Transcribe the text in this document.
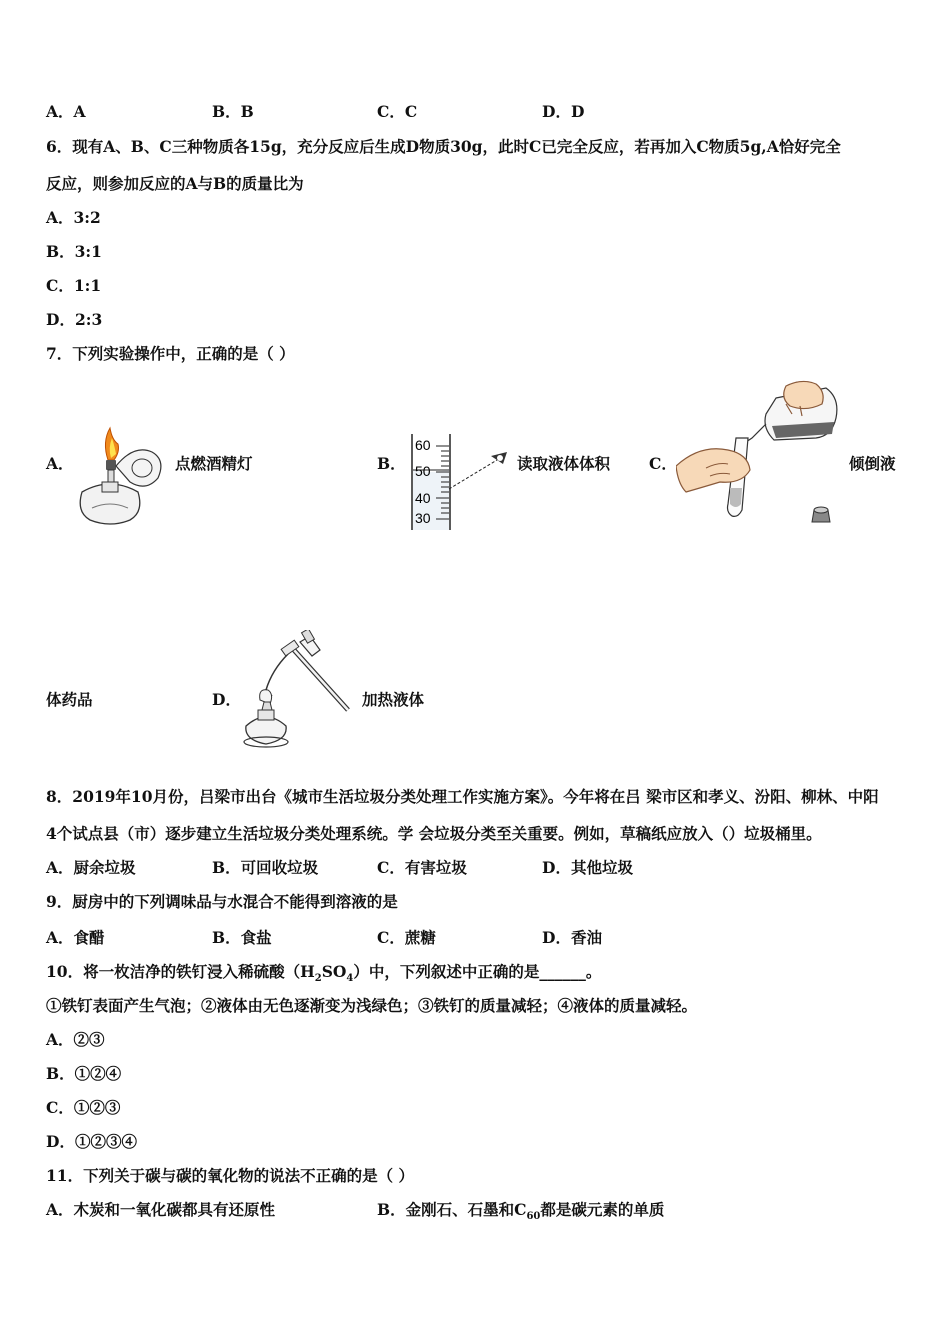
A．A	B．B	C．C	D．D
6．现有A、B、C三种物质各15g，充分反应后生成D物质30g，此时C已完全反应，若再加入C物质5g,A恰好完全
反应，则参加反应的A与B的质量比为
A．3:2
B．3:1
C．1:1
D．2:3
7．下列实验操作中，正确的是（ ）
A．	点燃酒精灯	B．
60
50
40
30
读取液体体积	C．	倾倒液
体药品	D．	加热液体
8．2019年10月份，吕梁市出台《城市生活垃圾分类处理工作实施方案》。今年将在吕 梁市区和孝义、汾阳、柳林、中阳
4个试点县（市）逐步建立生活垃圾分类处理系统。学 会垃圾分类至关重要。例如，草稿纸应放入（）垃圾桶里。
A．厨余垃圾	B．可回收垃圾	C．有害垃圾	D．其他垃圾
9．厨房中的下列调味品与水混合不能得到溶液的是
A．食醋	B．食盐	C．蔗糖	D．香油
10．将一枚洁净的铁钉浸入稀硫酸$(H_2SO_4)$中，下列叙述中正确的是______。
①铁钉表面产生气泡；②液体由无色逐渐变为浅绿色；③铁钉的质量减轻；④液体的质量减轻。
A．②③
B．①②④
C．①②③
D．①②③④
11．下列关于碳与碳的氧化物的说法不正确的是（ ）
A．木炭和一氧化碳都具有还原性	B．金刚石、石墨和$C_{60}$都是碳元素的单质
